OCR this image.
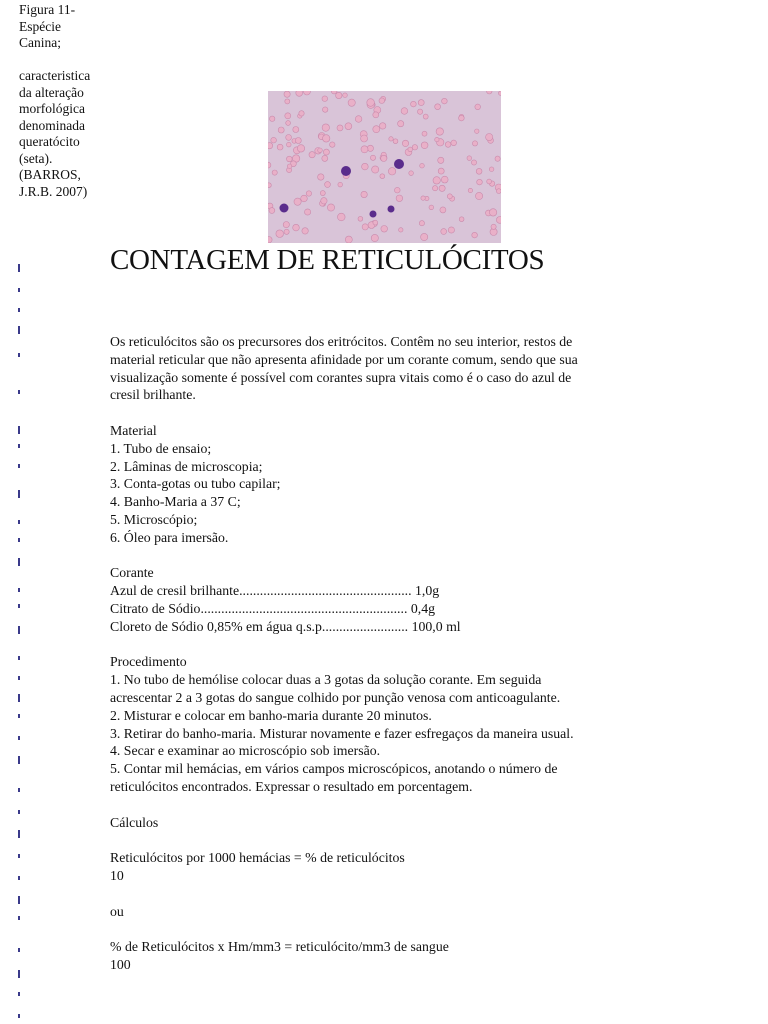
Figura 11-
Espécie
Canina;
caracteristica
da alteração
morfológica
denominada
queratócito
(seta).
(BARROS,
J.R.B. 2007)
CONTAGEM DE RETICULÓCITOS
Os reticulócitos são os precursores dos eritrócitos. Contêm no seu interior, restos de
material reticular que não apresenta afinidade por um corante comum, sendo que sua
visualização somente é possível com corantes supra vitais como é o caso do azul de
cresil brilhante.
Material
1. Tubo de ensaio;
2. Lâminas de microscopia;
3. Conta-gotas ou tubo capilar;
4. Banho-Maria a 37 C;
5. Microscópio;
6. Óleo para imersão.
Corante
Azul de cresil brilhante.................................................. 1,0g
Citrato de Sódio............................................................ 0,4g
Cloreto de Sódio 0,85% em água q.s.p......................... 100,0 ml
Procedimento
1. No tubo de hemólise colocar duas a 3 gotas da solução corante. Em seguida
acrescentar 2 a 3 gotas do sangue colhido por punção venosa com anticoagulante.
2. Misturar e colocar em banho-maria durante 20 minutos.
3. Retirar do banho-maria. Misturar novamente e fazer esfregaços da maneira usual.
4. Secar e examinar ao microscópio sob imersão.
5. Contar mil hemácias, em vários campos microscópicos, anotando o número de
reticulócitos encontrados. Expressar o resultado em porcentagem.
Cálculos
Reticulócitos por 1000 hemácias = % de reticulócitos
10
ou
% de Reticulócitos x Hm/mm3 = reticulócito/mm3 de sangue
100
